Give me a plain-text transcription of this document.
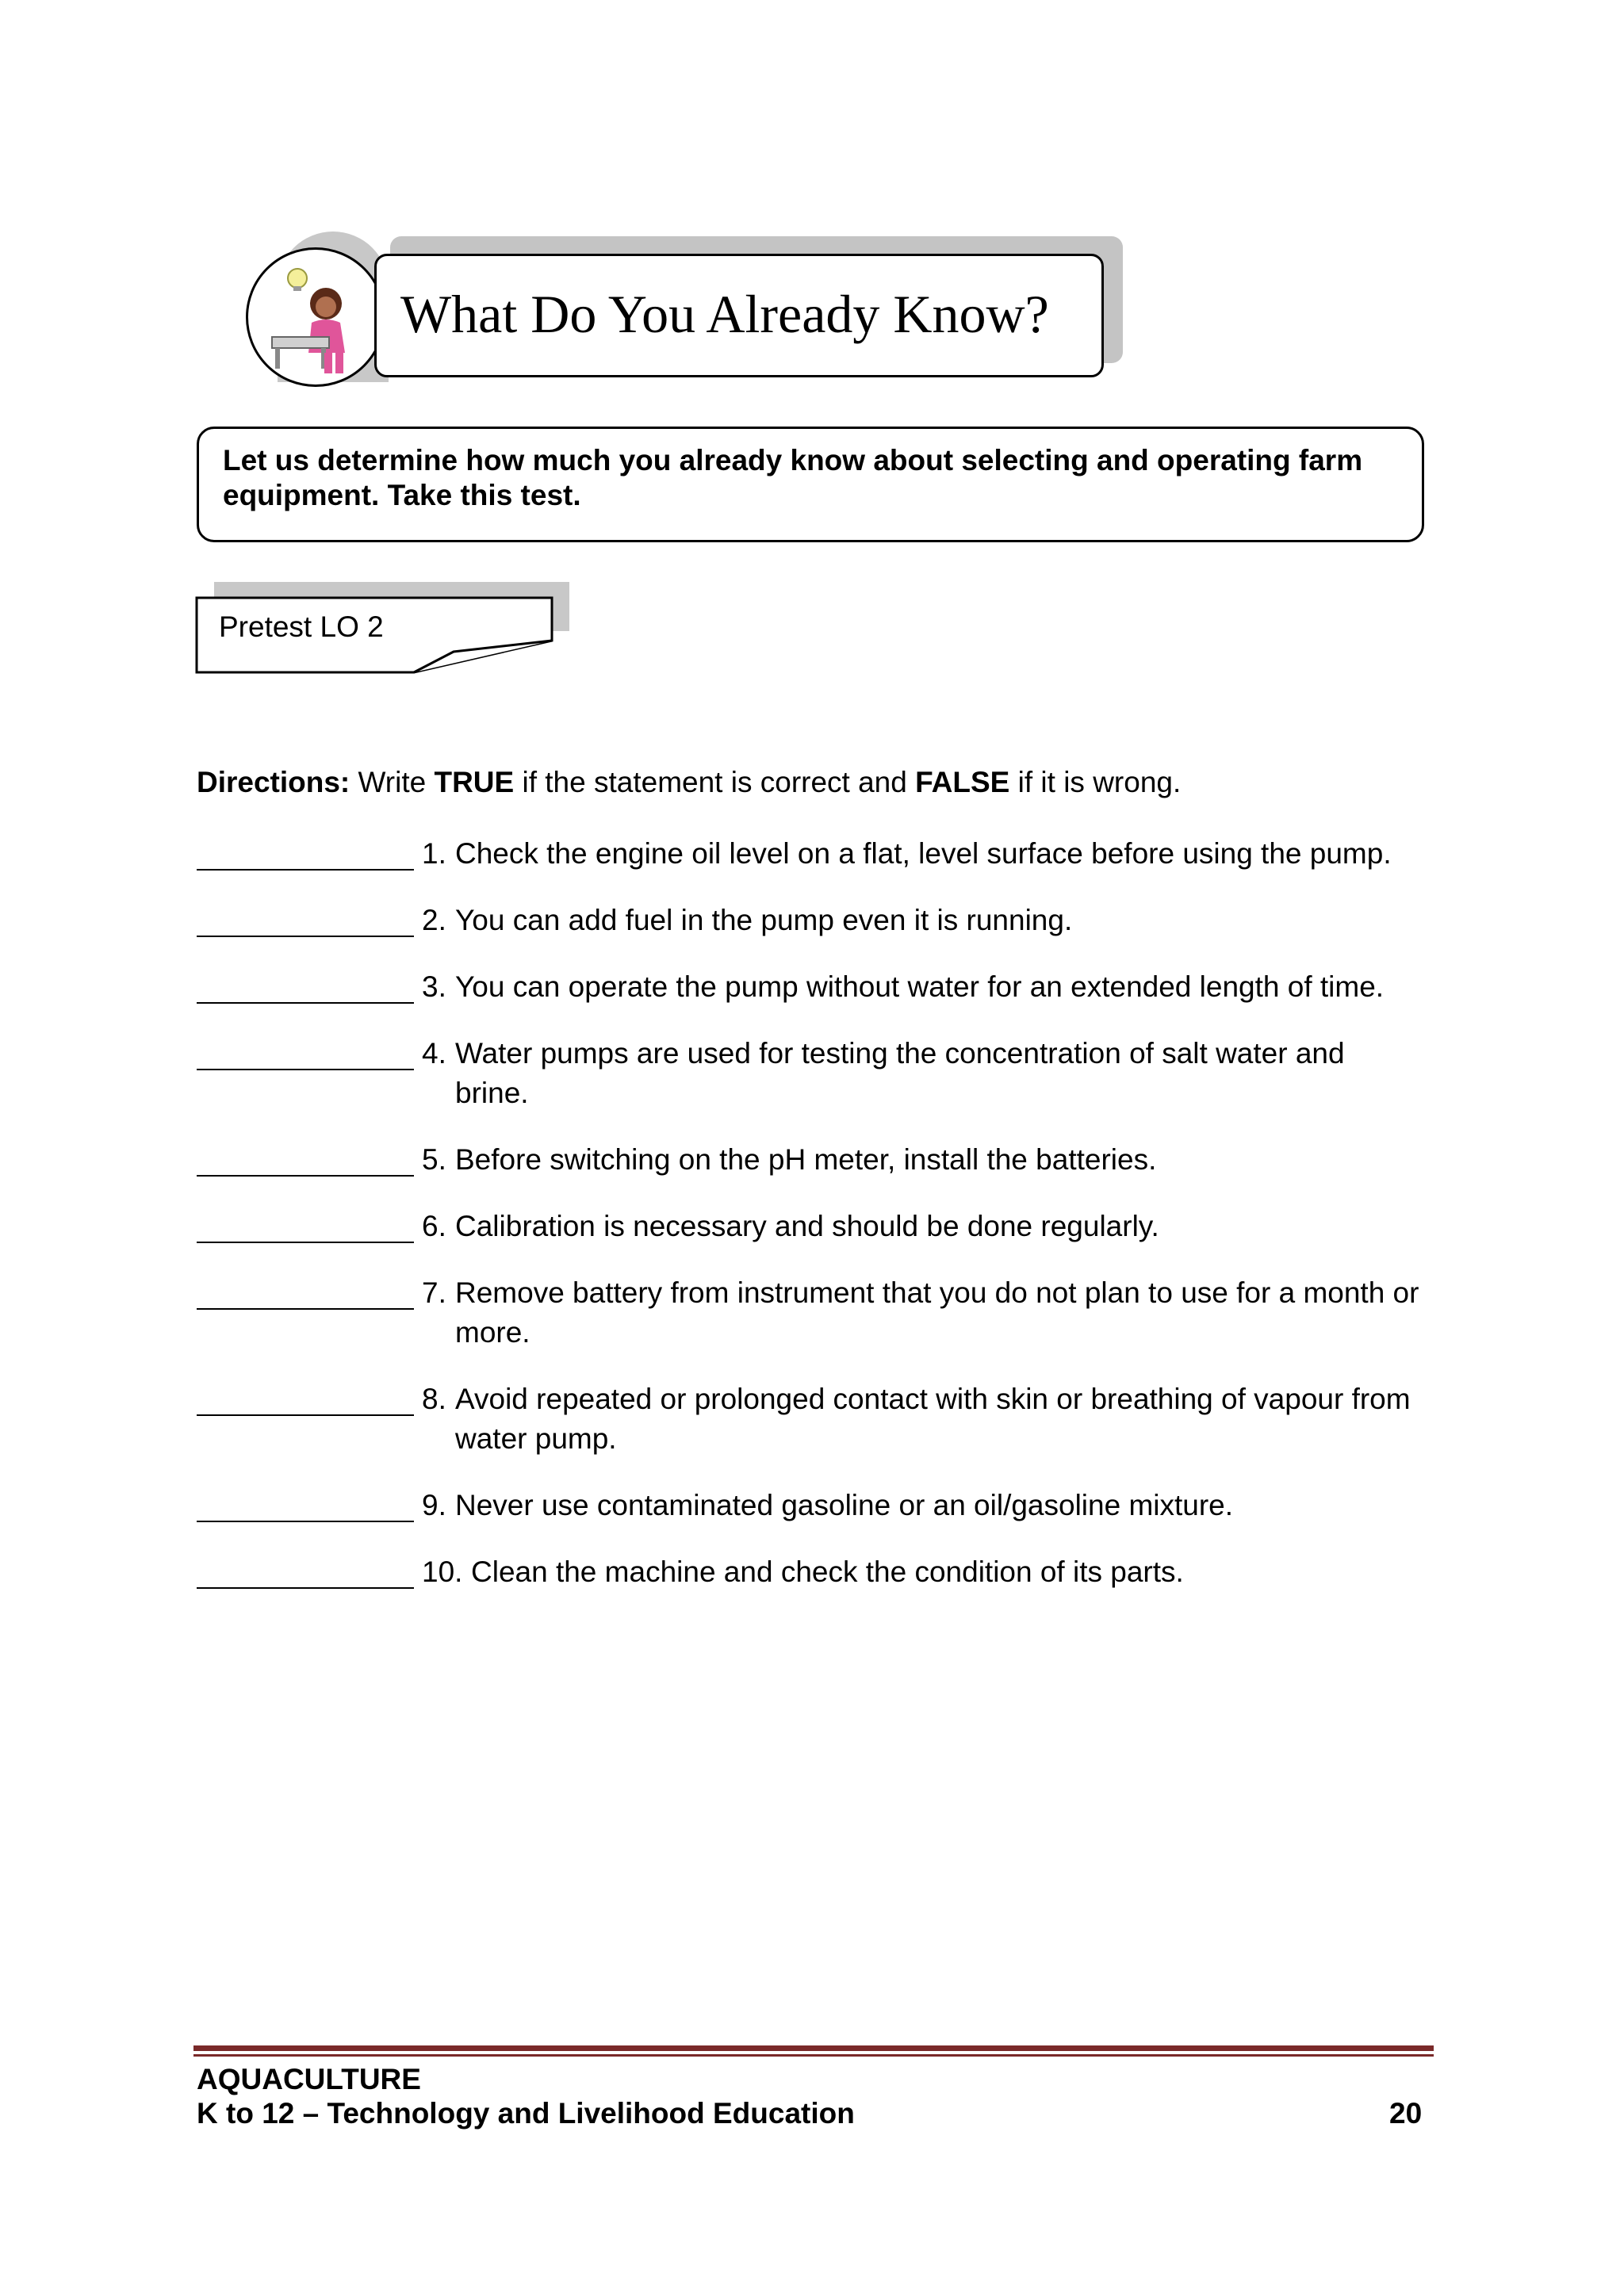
What Do You Already Know?
Let us determine how much you already know about selecting and operating farm equipment. Take this test.
Pretest LO 2
Directions: Write TRUE if the statement is correct and FALSE if it is wrong.
1. Check the engine oil level on a flat, level surface before using the pump.
2. You can add fuel in the pump even it is running.
3. You can operate the pump without water for an extended length of time.
4. Water pumps are used for testing the concentration of salt water and brine.
5. Before switching on the pH meter, install the batteries.
6. Calibration is necessary and should be done regularly.
7. Remove battery from instrument that you do not plan to use for a month or more.
8. Avoid repeated or prolonged contact with skin or breathing of vapour from water pump.
9. Never use contaminated gasoline or an oil/gasoline mixture.
10. Clean the machine and check the condition of its parts.
AQUACULTURE
K to 12 – Technology and Livelihood Education	20
